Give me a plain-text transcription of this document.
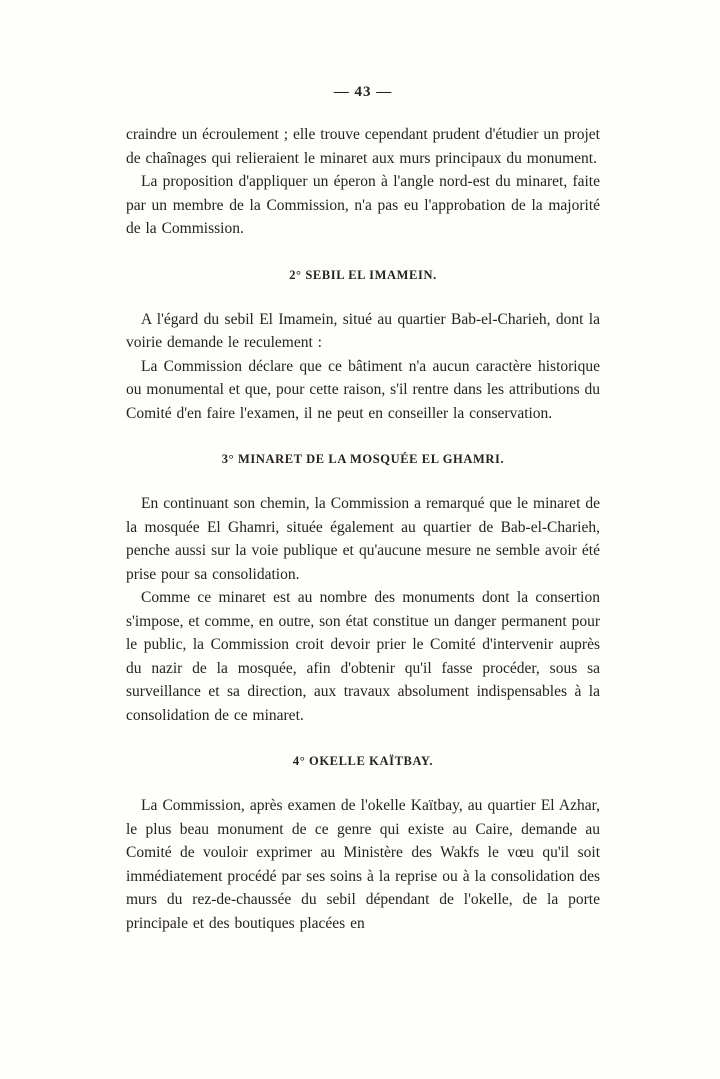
— 43 —

craindre un écroulement ; elle trouve cependant prudent d'étudier un projet de chaînages qui relieraient le minaret aux murs principaux du monument.

La proposition d'appliquer un éperon à l'angle nord-est du minaret, faite par un membre de la Commission, n'a pas eu l'approbation de la majorité de la Commission.

2° SEBIL EL IMAMEIN.

A l'égard du sebil El Imamein, situé au quartier Bab-el-Charieh, dont la voirie demande le reculement :

La Commission déclare que ce bâtiment n'a aucun caractère historique ou monumental et que, pour cette raison, s'il rentre dans les attributions du Comité d'en faire l'examen, il ne peut en conseiller la conservation.

3° MINARET DE LA MOSQUÉE EL GHAMRI.

En continuant son chemin, la Commission a remarqué que le minaret de la mosquée El Ghamri, située également au quartier de Bab-el-Charieh, penche aussi sur la voie publique et qu'aucune mesure ne semble avoir été prise pour sa consolidation.

Comme ce minaret est au nombre des monuments dont la consertion s'impose, et comme, en outre, son état constitue un danger permanent pour le public, la Commission croit devoir prier le Comité d'intervenir auprès du nazir de la mosquée, afin d'obtenir qu'il fasse procéder, sous sa surveillance et sa direction, aux travaux absolument indispensables à la consolidation de ce minaret.

4° OKELLE KAÏTBAY.

La Commission, après examen de l'okelle Kaïtbay, au quartier El Azhar, le plus beau monument de ce genre qui existe au Caire, demande au Comité de vouloir exprimer au Ministère des Wakfs le vœu qu'il soit immédiatement procédé par ses soins à la reprise ou à la consolidation des murs du rez-de-chaussée du sebil dépendant de l'okelle, de la porte principale et des boutiques placées en
